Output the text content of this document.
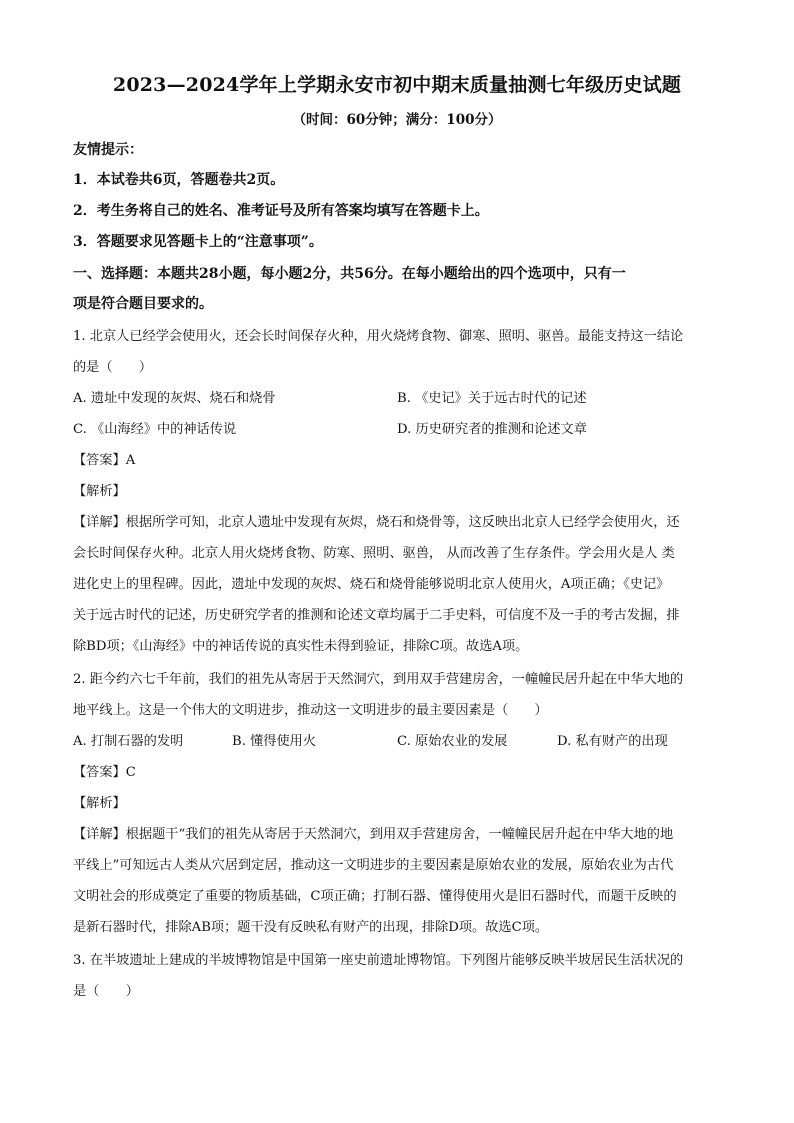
2023—2024学年上学期永安市初中期末质量抽测七年级历史试题
（时间：60分钟；满分：100分）
友情提示：
1．本试卷共6页，答题卷共2页。
2．考生务将自己的姓名、准考证号及所有答案均填写在答题卡上。
3．答题要求见答题卡上的“注意事项”。
一、选择题：本题共28小题，每小题2分，共56分。在每小题给出的四个选项中，只有一
项是符合题目要求的。
1. 北京人已经学会使用火，还会长时间保存火种，用火烧烤食物、御寒、照明、驱兽。最能支持这一结论
的是（　　）
A. 遗址中发现的灰烬、烧石和烧骨	B. 《史记》关于远古时代的记述
C. 《山海经》中的神话传说	D. 历史研究者的推测和论述文章
【答案】A
【解析】
【详解】根据所学可知，北京人遗址中发现有灰烬，烧石和烧骨等，这反映出北京人已经学会使用火，还
会长时间保存火种。北京人用火烧烤食物、防寒、照明、驱兽， 从而改善了生存条件。学会用火是人 类
进化史上的里程碑。因此，遗址中发现的灰烬、烧石和烧骨能够说明北京人使用火，A项正确；《史记》
关于远古时代的记述，历史研究学者的推测和论述文章均属于二手史料，可信度不及一手的考古发掘，排
除BD项；《山海经》中的神话传说的真实性未得到验证，排除C项。故选A项。
2. 距今约六七千年前，我们的祖先从寄居于天然洞穴，到用双手营建房舍，一幢幢民居升起在中华大地的
地平线上。这是一个伟大的文明进步，推动这一文明进步的最主要因素是（　　）
A. 打制石器的发明	B. 懂得使用火	C. 原始农业的发展	D. 私有财产的出现
【答案】C
【解析】
【详解】根据题干“我们的祖先从寄居于天然洞穴，到用双手营建房舍，一幢幢民居升起在中华大地的地
平线上”可知远古人类从穴居到定居，推动这一文明进步的主要因素是原始农业的发展，原始农业为古代
文明社会的形成奠定了重要的物质基础，C项正确；打制石器、懂得使用火是旧石器时代，而题干反映的
是新石器时代，排除AB项；题干没有反映私有财产的出现，排除D项。故选C项。
3. 在半坡遗址上建成的半坡博物馆是中国第一座史前遗址博物馆。下列图片能够反映半坡居民生活状况的
是（　　）
